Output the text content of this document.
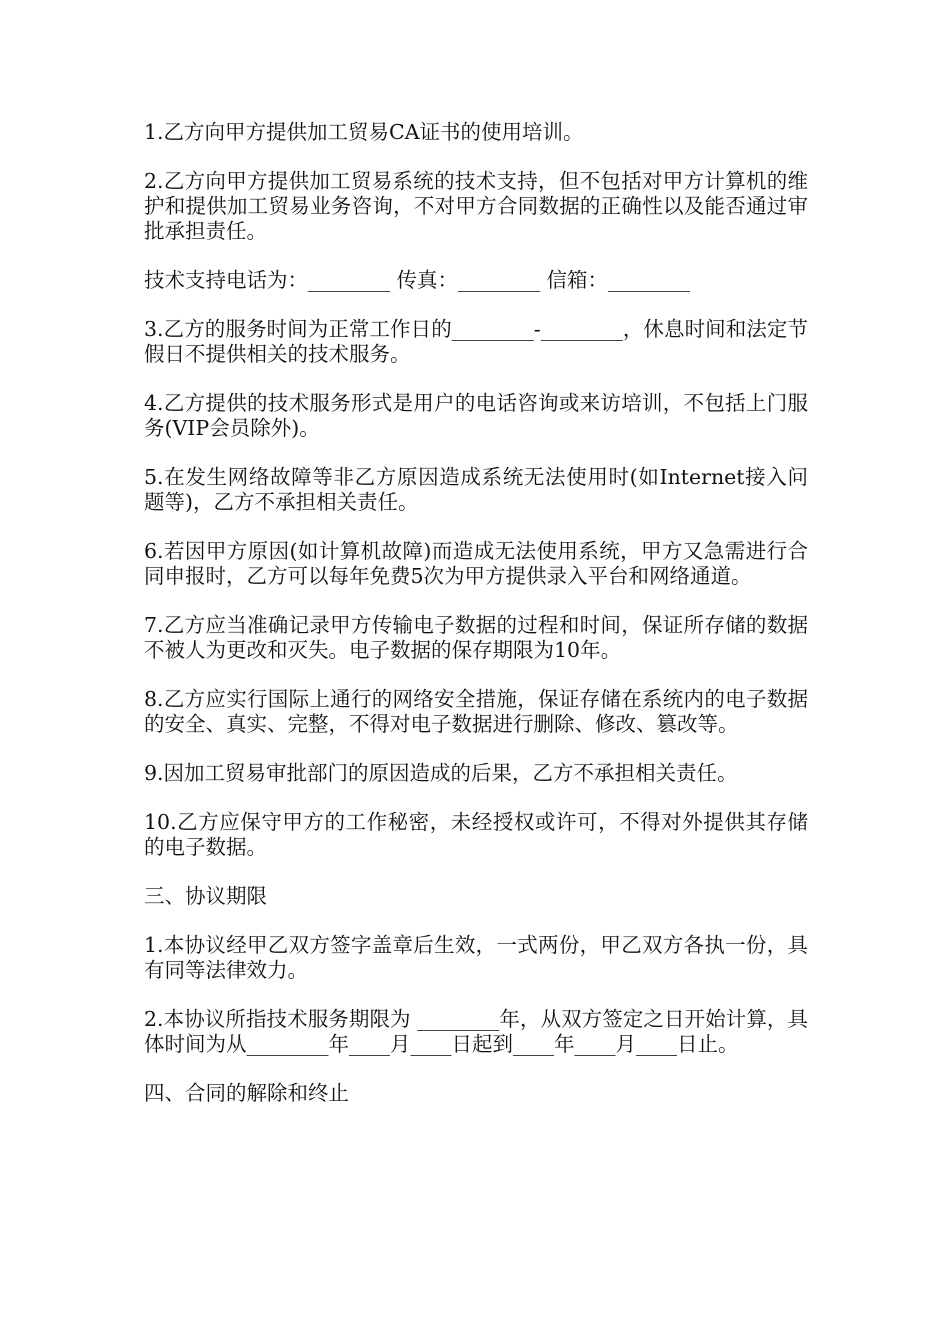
1.乙方向甲方提供加工贸易CA证书的使用培训。

2.乙方向甲方提供加工贸易系统的技术支持，但不包括对甲方计算机的维护和提供加工贸易业务咨询，不对甲方合同数据的正确性以及能否通过审批承担责任。

技术支持电话为：________ 传真：________ 信箱：________

3.乙方的服务时间为正常工作日的________-________，休息时间和法定节假日不提供相关的技术服务。

4.乙方提供的技术服务形式是用户的电话咨询或来访培训，不包括上门服务(VIP会员除外)。

5.在发生网络故障等非乙方原因造成系统无法使用时(如Internet接入问题等)，乙方不承担相关责任。

6.若因甲方原因(如计算机故障)而造成无法使用系统，甲方又急需进行合同申报时，乙方可以每年免费5次为甲方提供录入平台和网络通道。

7.乙方应当准确记录甲方传输电子数据的过程和时间，保证所存储的数据不被人为更改和灭失。电子数据的保存期限为10年。

8.乙方应实行国际上通行的网络安全措施，保证存储在系统内的电子数据的安全、真实、完整，不得对电子数据进行删除、修改、篡改等。

9.因加工贸易审批部门的原因造成的后果，乙方不承担相关责任。

10.乙方应保守甲方的工作秘密，未经授权或许可，不得对外提供其存储的电子数据。

三、协议期限

1.本协议经甲乙双方签字盖章后生效，一式两份，甲乙双方各执一份，具有同等法律效力。

2.本协议所指技术服务期限为 ________年，从双方签定之日开始计算，具体时间为从________年____月____日起到____年____月____日止。

四、合同的解除和终止
